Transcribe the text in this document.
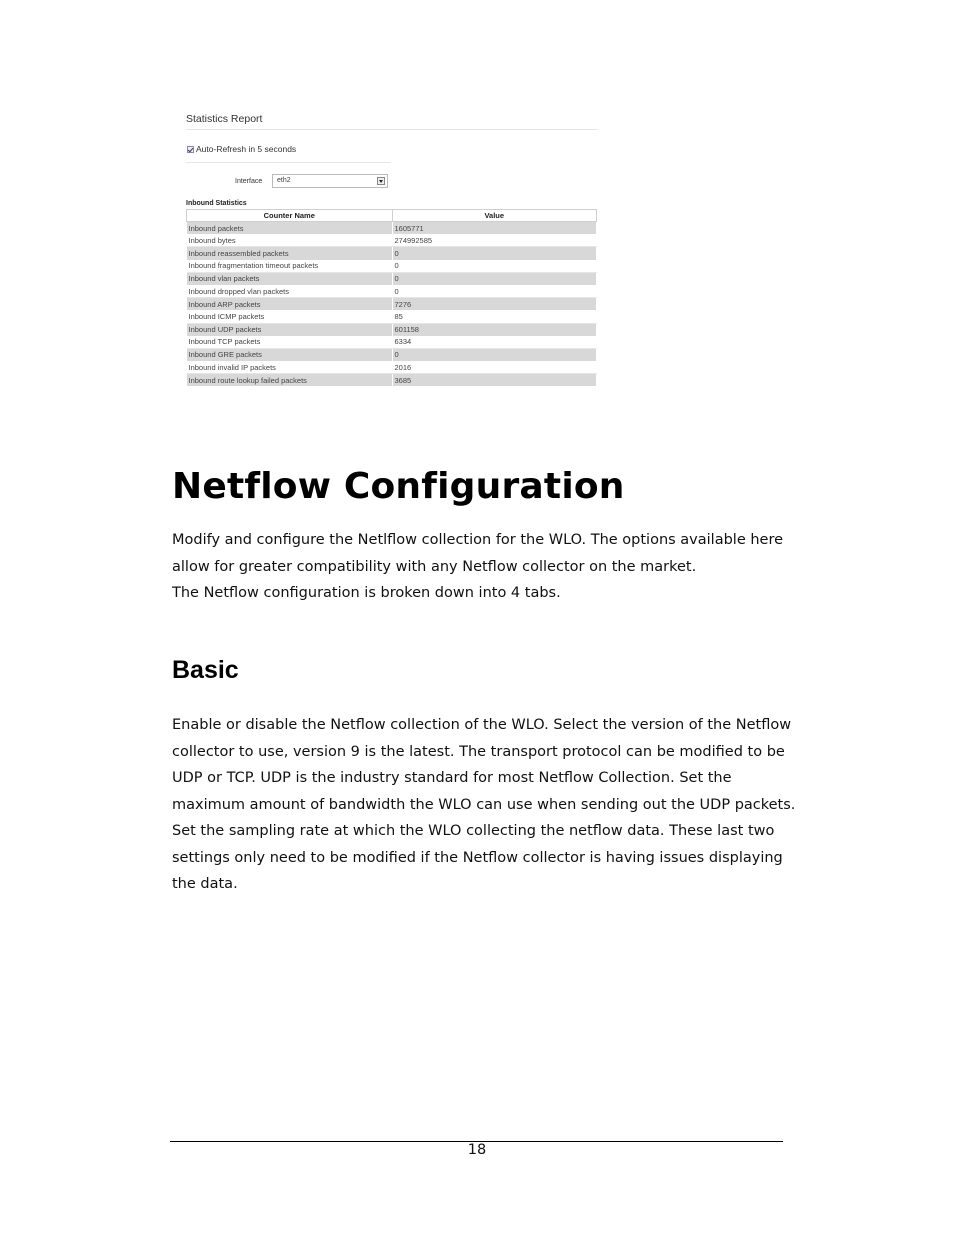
Statistics Report
Auto-Refresh in 5 seconds
Interface	eth2
Inbound Statistics
Counter Name	Value
Inbound packets	1605771
Inbound bytes	274992585
Inbound reassembled packets	0
Inbound fragmentation timeout packets	0
Inbound vlan packets	0
Inbound dropped vlan packets	0
Inbound ARP packets	7276
Inbound ICMP packets	85
Inbound UDP packets	601158
Inbound TCP packets	6334
Inbound GRE packets	0
Inbound invalid IP packets	2016
Inbound route lookup failed packets	3685
Netflow Configuration
Modify and configure the Netlflow collection for the WLO. The options available here
allow for greater compatibility with any Netflow collector on the market.
The Netflow configuration is broken down into 4 tabs.
Basic
Enable or disable the Netflow collection of the WLO. Select the version of the Netflow
collector to use, version 9 is the latest. The transport protocol can be modified to be
UDP or TCP. UDP is the industry standard for most Netflow Collection. Set the
maximum amount of bandwidth the WLO can use when sending out the UDP packets.
Set the sampling rate at which the WLO collecting the netflow data. These last two
settings only need to be modified if the Netflow collector is having issues displaying
the data.
18
